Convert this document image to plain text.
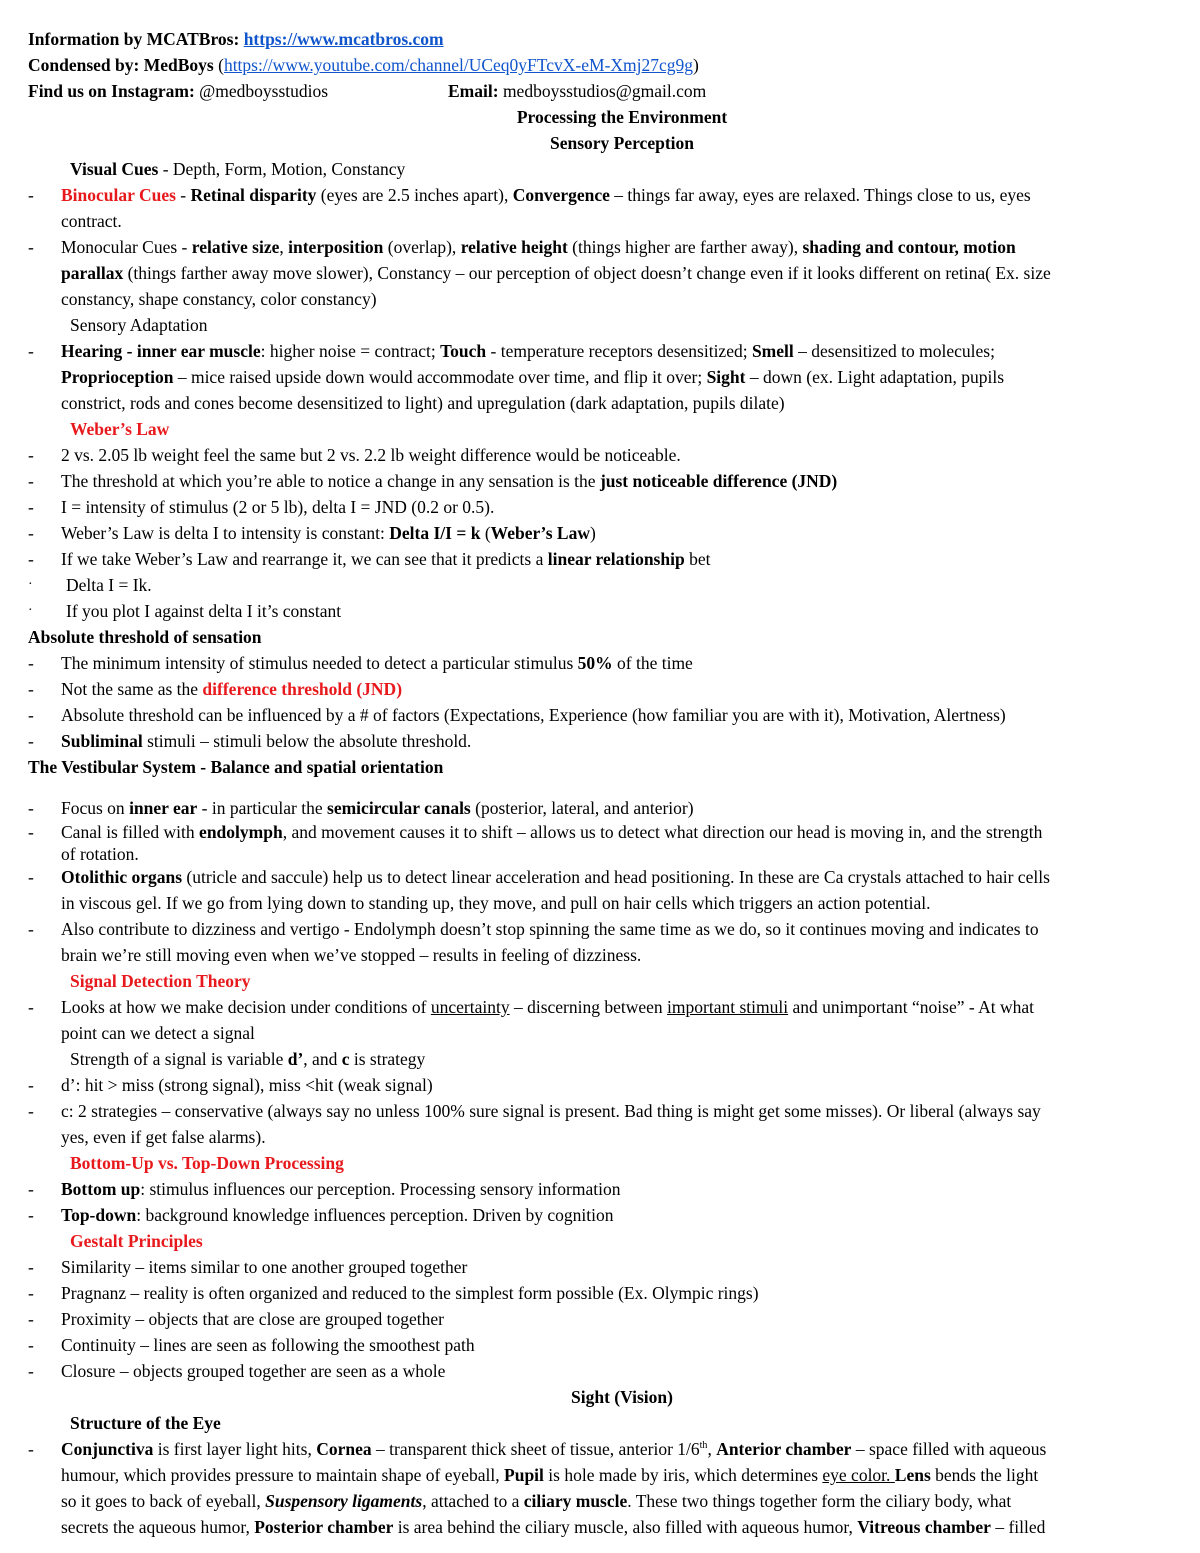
Information by MCATBros: https://www.mcatbros.com
Condensed by: MedBoys (https://www.youtube.com/channel/UCeq0yFTcvX-eM-Xmj27cg9g)
Find us on Instagram: @medboysstudios	Email: medboysstudios@gmail.com
Processing the Environment
Sensory Perception
Visual Cues - Depth, Form, Motion, Constancy
- Binocular Cues - Retinal disparity (eyes are 2.5 inches apart), Convergence – things far away, eyes are relaxed. Things close to us, eyes
contract.
- Monocular Cues - relative size, interposition (overlap), relative height (things higher are farther away), shading and contour, motion
parallax (things farther away move slower), Constancy – our perception of object doesn’t change even if it looks different on retina( Ex. size
constancy, shape constancy, color constancy)
Sensory Adaptation
- Hearing - inner ear muscle: higher noise = contract; Touch - temperature receptors desensitized; Smell – desensitized to molecules;
Proprioception – mice raised upside down would accommodate over time, and flip it over; Sight – down (ex. Light adaptation, pupils
constrict, rods and cones become desensitized to light) and upregulation (dark adaptation, pupils dilate)
Weber’s Law
- 2 vs. 2.05 lb weight feel the same but 2 vs. 2.2 lb weight difference would be noticeable.
- The threshold at which you’re able to notice a change in any sensation is the just noticeable difference (JND)
- I = intensity of stimulus (2 or 5 lb), delta I = JND (0.2 or 0.5).
- Weber’s Law is delta I to intensity is constant: Delta I/I = k (Weber’s Law)
- If we take Weber’s Law and rearrange it, we can see that it predicts a linear relationship bet
· Delta I = Ik.
· If you plot I against delta I it’s constant
Absolute threshold of sensation
- The minimum intensity of stimulus needed to detect a particular stimulus 50% of the time
- Not the same as the difference threshold (JND)
- Absolute threshold can be influenced by a # of factors (Expectations, Experience (how familiar you are with it), Motivation, Alertness)
- Subliminal stimuli – stimuli below the absolute threshold.
The Vestibular System - Balance and spatial orientation
- Focus on inner ear - in particular the semicircular canals (posterior, lateral, and anterior)
- Canal is filled with endolymph, and movement causes it to shift – allows us to detect what direction our head is moving in, and the strength
of rotation.
- Otolithic organs (utricle and saccule) help us to detect linear acceleration and head positioning. In these are Ca crystals attached to hair cells
in viscous gel. If we go from lying down to standing up, they move, and pull on hair cells which triggers an action potential.
- Also contribute to dizziness and vertigo - Endolymph doesn’t stop spinning the same time as we do, so it continues moving and indicates to
brain we’re still moving even when we’ve stopped – results in feeling of dizziness.
Signal Detection Theory
- Looks at how we make decision under conditions of uncertainty – discerning between important stimuli and unimportant “noise” - At what
point can we detect a signal
Strength of a signal is variable d’, and c is strategy
- d’: hit > miss (strong signal), miss <hit (weak signal)
- c: 2 strategies – conservative (always say no unless 100% sure signal is present. Bad thing is might get some misses). Or liberal (always say
yes, even if get false alarms).
Bottom-Up vs. Top-Down Processing
- Bottom up: stimulus influences our perception. Processing sensory information
- Top-down: background knowledge influences perception. Driven by cognition
Gestalt Principles
- Similarity – items similar to one another grouped together
- Pragnanz – reality is often organized and reduced to the simplest form possible (Ex. Olympic rings)
- Proximity – objects that are close are grouped together
- Continuity – lines are seen as following the smoothest path
- Closure – objects grouped together are seen as a whole
Sight (Vision)
Structure of the Eye
- Conjunctiva is first layer light hits, Cornea – transparent thick sheet of tissue, anterior 1/6th, Anterior chamber – space filled with aqueous
humour, which provides pressure to maintain shape of eyeball, Pupil is hole made by iris, which determines eye color. Lens bends the light
so it goes to back of eyeball, Suspensory ligaments, attached to a ciliary muscle. These two things together form the ciliary body, what
secrets the aqueous humor, Posterior chamber is area behind the ciliary muscle, also filled with aqueous humor, Vitreous chamber – filled
